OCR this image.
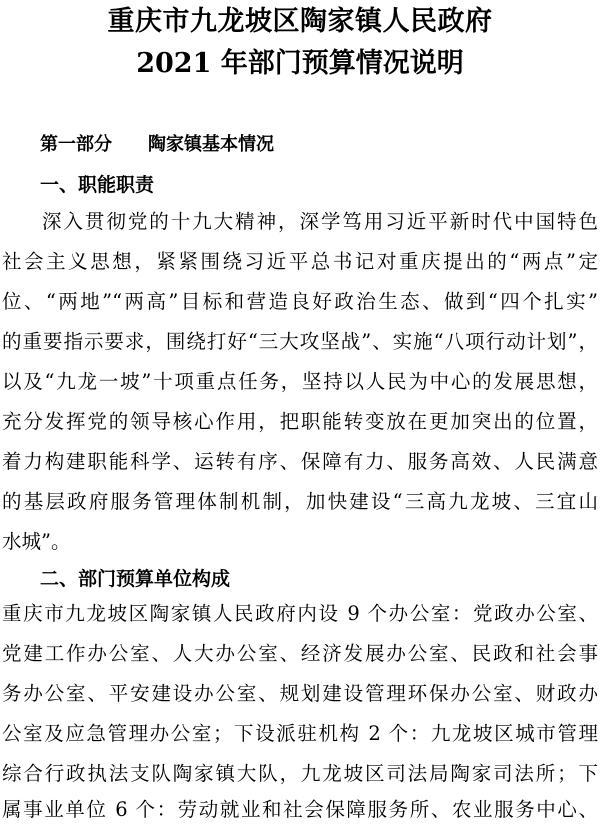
重庆市九龙坡区陶家镇人民政府
2021 年部门预算情况说明
第一部分　　陶家镇基本情况
一、职能职责
深入贯彻党的十九大精神，深学笃用习近平新时代中国特色
社会主义思想，紧紧围绕习近平总书记对重庆提出的“两点”定
位、“两地”“两高”目标和营造良好政治生态、做到“四个扎实”
的重要指示要求，围绕打好“三大攻坚战”、实施“八项行动计划”，
以及“九龙一坡”十项重点任务，坚持以人民为中心的发展思想，
充分发挥党的领导核心作用，把职能转变放在更加突出的位置，
着力构建职能科学、运转有序、保障有力、服务高效、人民满意
的基层政府服务管理体制机制，加快建设“三高九龙坡、三宜山
水城”。
二、部门预算单位构成
重庆市九龙坡区陶家镇人民政府内设 9 个办公室：党政办公室、
党建工作办公室、人大办公室、经济发展办公室、民政和社会事
务办公室、平安建设办公室、规划建设管理环保办公室、财政办
公室及应急管理办公室；下设派驻机构 2 个：九龙坡区城市管理
综合行政执法支队陶家镇大队，九龙坡区司法局陶家司法所；下
属事业单位 6 个：劳动就业和社会保障服务所、农业服务中心、
